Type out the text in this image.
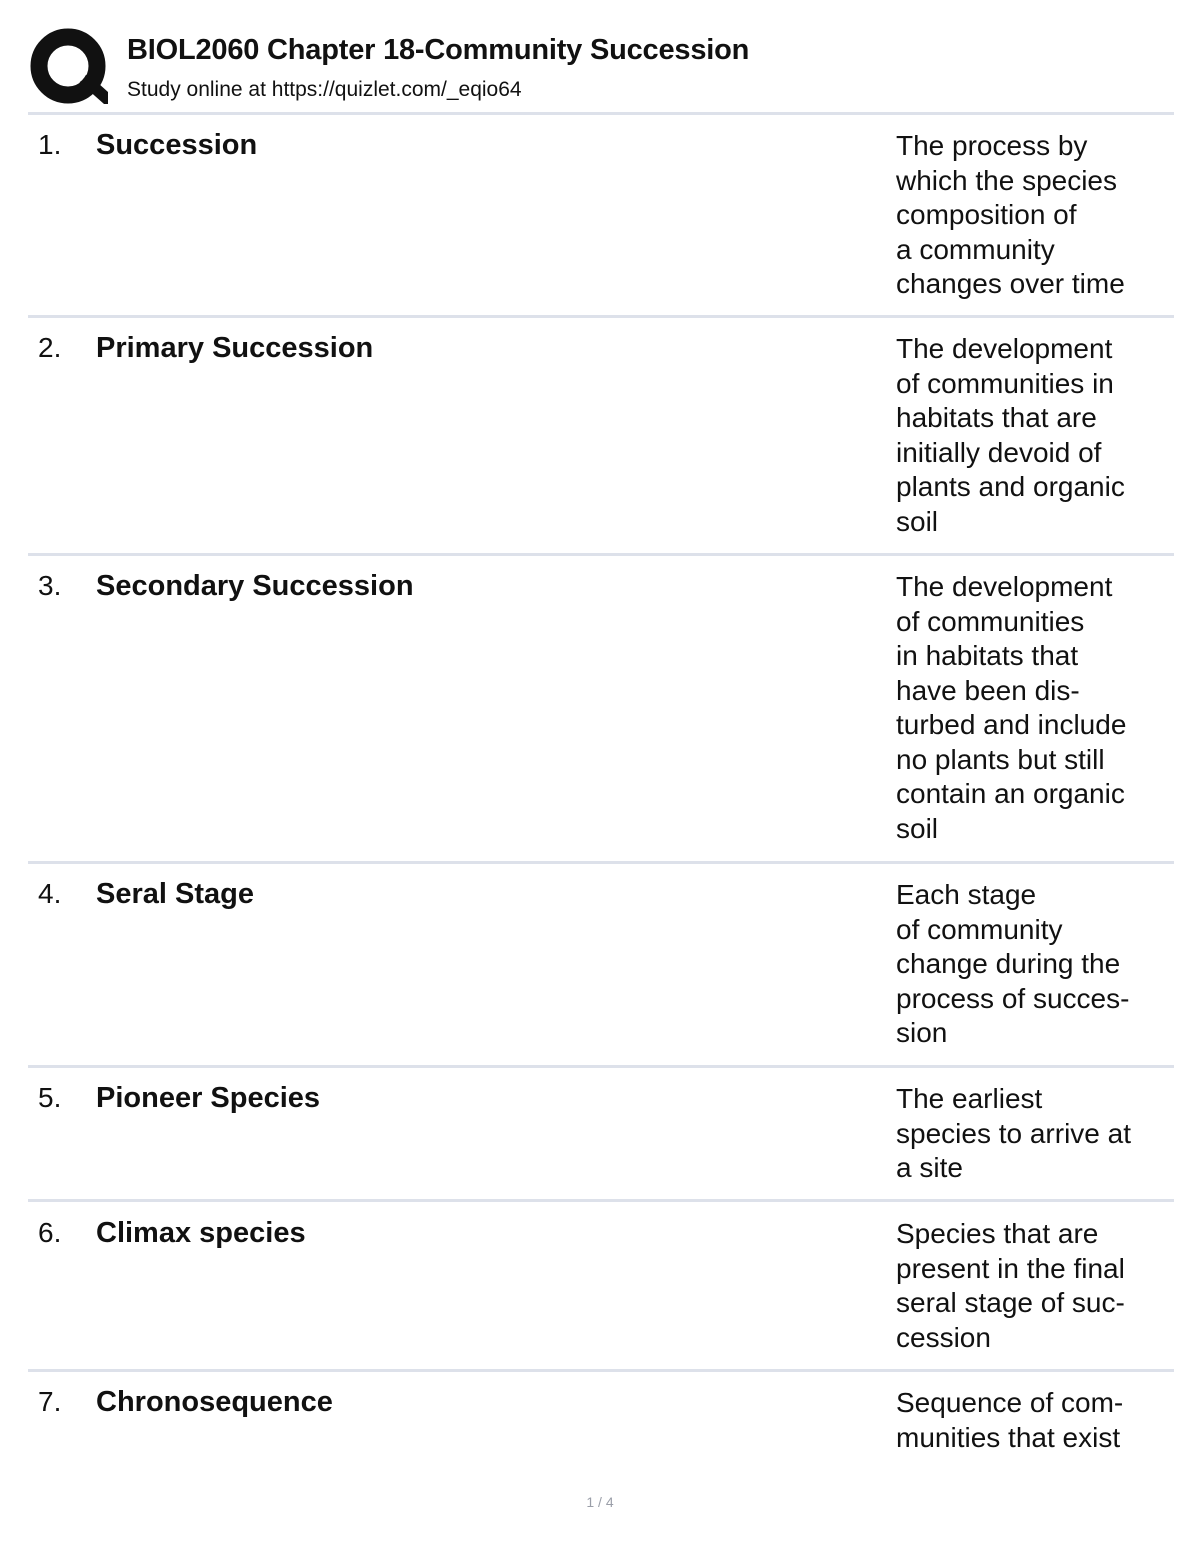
BIOL2060 Chapter 18-Community Succession
Study online at https://quizlet.com/_eqio64
1. Succession	The process by
which the species
composition of
a community
changes over time
2. Primary Succession	The development
of communities in
habitats that are
initially devoid of
plants and organic
soil
3. Secondary Succession	The development
of communities
in habitats that
have been dis-
turbed and include
no plants but still
contain an organic
soil
4. Seral Stage	Each stage
of community
change during the
process of succes-
sion
5. Pioneer Species	The earliest
species to arrive at
a site
6. Climax species	Species that are
present in the final
seral stage of suc-
cession
7. Chronosequence	Sequence of com-
munities that exist
1 / 4
